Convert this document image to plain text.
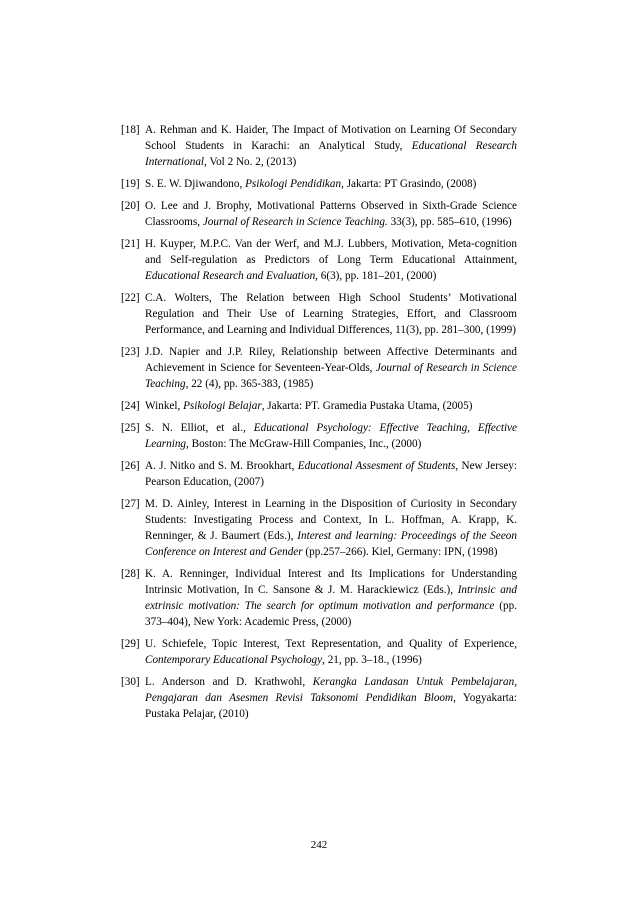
[18] A. Rehman and K. Haider, The Impact of Motivation on Learning Of Secondary School Students in Karachi: an Analytical Study, Educational Research International, Vol 2 No. 2, (2013)
[19] S. E. W. Djiwandono, Psikologi Pendidikan, Jakarta: PT Grasindo, (2008)
[20] O. Lee and J. Brophy, Motivational Patterns Observed in Sixth-Grade Science Classrooms, Journal of Research in Science Teaching. 33(3), pp. 585–610, (1996)
[21] H. Kuyper, M.P.C. Van der Werf, and M.J. Lubbers, Motivation, Meta-cognition and Self-regulation as Predictors of Long Term Educational Attainment, Educational Research and Evaluation, 6(3), pp. 181–201, (2000)
[22] C.A. Wolters, The Relation between High School Students’ Motivational Regulation and Their Use of Learning Strategies, Effort, and Classroom Performance, and Learning and Individual Differences, 11(3), pp. 281–300, (1999)
[23] J.D. Napier and J.P. Riley, Relationship between Affective Determinants and Achievement in Science for Seventeen-Year-Olds, Journal of Research in Science Teaching, 22 (4), pp. 365-383, (1985)
[24] Winkel, Psikologi Belajar, Jakarta: PT. Gramedia Pustaka Utama, (2005)
[25] S. N. Elliot, et al., Educational Psychology: Effective Teaching, Effective Learning, Boston: The McGraw-Hill Companies, Inc., (2000)
[26] A. J. Nitko and S. M. Brookhart, Educational Assesment of Students, New Jersey: Pearson Education, (2007)
[27] M. D. Ainley, Interest in Learning in the Disposition of Curiosity in Secondary Students: Investigating Process and Context, In L. Hoffman, A. Krapp, K. Renninger, & J. Baumert (Eds.), Interest and learning: Proceedings of the Seeon Conference on Interest and Gender (pp.257–266). Kiel, Germany: IPN, (1998)
[28] K. A. Renninger, Individual Interest and Its Implications for Understanding Intrinsic Motivation, In C. Sansone & J. M. Harackiewicz (Eds.), Intrinsic and extrinsic motivation: The search for optimum motivation and performance (pp. 373–404), New York: Academic Press, (2000)
[29] U. Schiefele, Topic Interest, Text Representation, and Quality of Experience, Contemporary Educational Psychology, 21, pp. 3–18., (1996)
[30] L. Anderson and D. Krathwohl, Kerangka Landasan Untuk Pembelajaran, Pengajaran dan Asesmen Revisi Taksonomi Pendidikan Bloom, Yogyakarta: Pustaka Pelajar, (2010)
242
